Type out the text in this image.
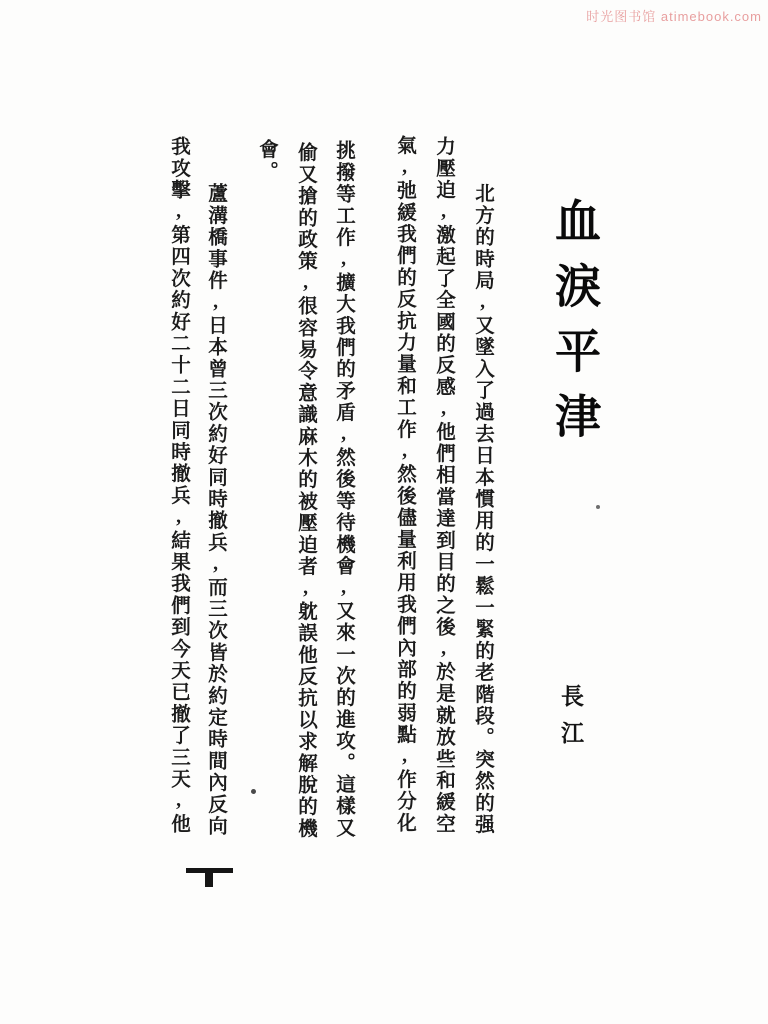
时光图书馆 atimebook.com
血淚平津
長江
北方的時局,又墜入了過去日本慣用的一鬆一緊的老階段。突然的强
力壓迫,激起了全國的反感,他們相當達到目的之後,於是就放些和緩空
氣,弛緩我們的反抗力量和工作,然後儘量利用我們內部的弱點,作分化
挑撥等工作,擴大我們的矛盾,然後等待機會,又來一次的進攻。這樣又
偷又搶的政策,很容易令意識麻木的被壓迫者,躭誤他反抗以求解脫的機
會。
蘆溝橋事件,日本曾三次約好同時撤兵,而三次皆於約定時間內反向
我攻擊,第四次約好二十二日同時撤兵,結果我們到今天已撤了三天,他
